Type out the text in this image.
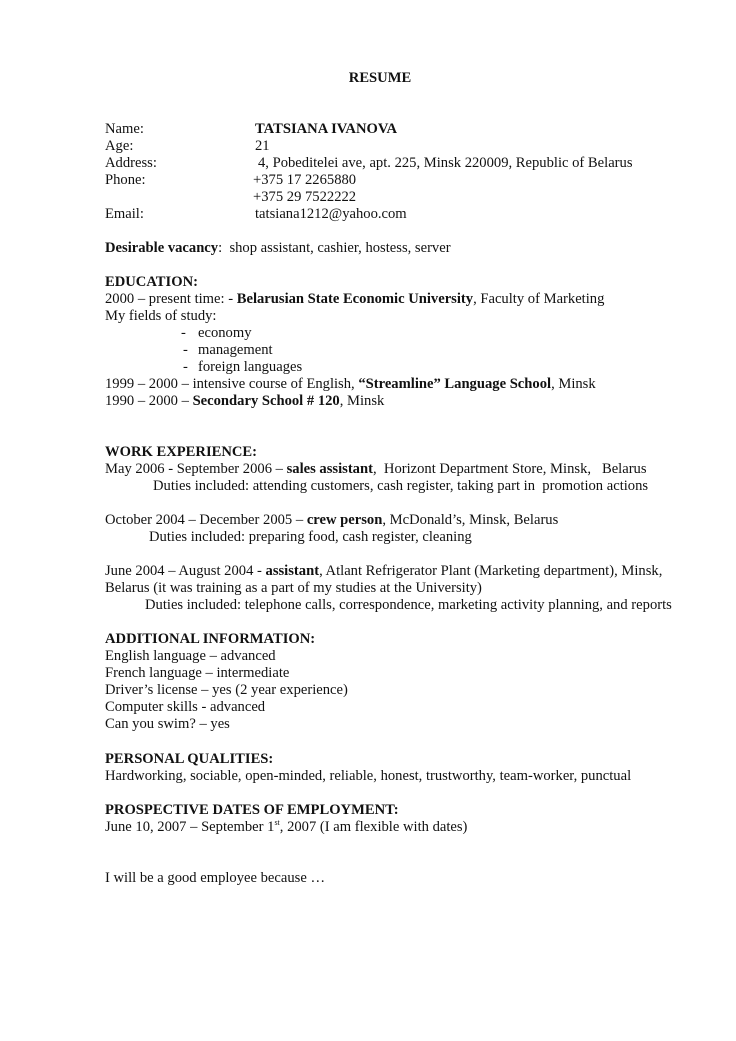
RESUME
Name:	TATSIANA IVANOVA
Age:	21
Address:	4, Pobeditelei ave, apt. 225, Minsk 220009, Republic of Belarus
Phone:	+375 17 2265880
+375 29 7522222
Email:	tatsiana1212@yahoo.com
Desirable vacancy:  shop assistant, cashier, hostess, server
EDUCATION:
2000 – present time: - Belarusian State Economic University, Faculty of Marketing
My fields of study:
- economy
- management
- foreign languages
1999 – 2000 – intensive course of English, “Streamline” Language School, Minsk
1990 – 2000 – Secondary School # 120, Minsk
WORK EXPERIENCE:
May 2006 - September 2006 – sales assistant,  Horizont Department Store, Minsk,   Belarus
Duties included: attending customers, cash register, taking part in  promotion actions
October 2004 – December 2005 – crew person, McDonald’s, Minsk, Belarus
Duties included: preparing food, cash register, cleaning
June 2004 – August 2004 - assistant, Atlant Refrigerator Plant (Marketing department), Minsk,
Belarus (it was training as a part of my studies at the University)
Duties included: telephone calls, correspondence, marketing activity planning, and reports
ADDITIONAL INFORMATION:
English language – advanced
French language – intermediate
Driver’s license – yes (2 year experience)
Computer skills - advanced
Can you swim? – yes
PERSONAL QUALITIES:
Hardworking, sociable, open-minded, reliable, honest, trustworthy, team-worker, punctual
PROSPECTIVE DATES OF EMPLOYMENT:
June 10, 2007 – September 1st, 2007 (I am flexible with dates)
I will be a good employee because …
